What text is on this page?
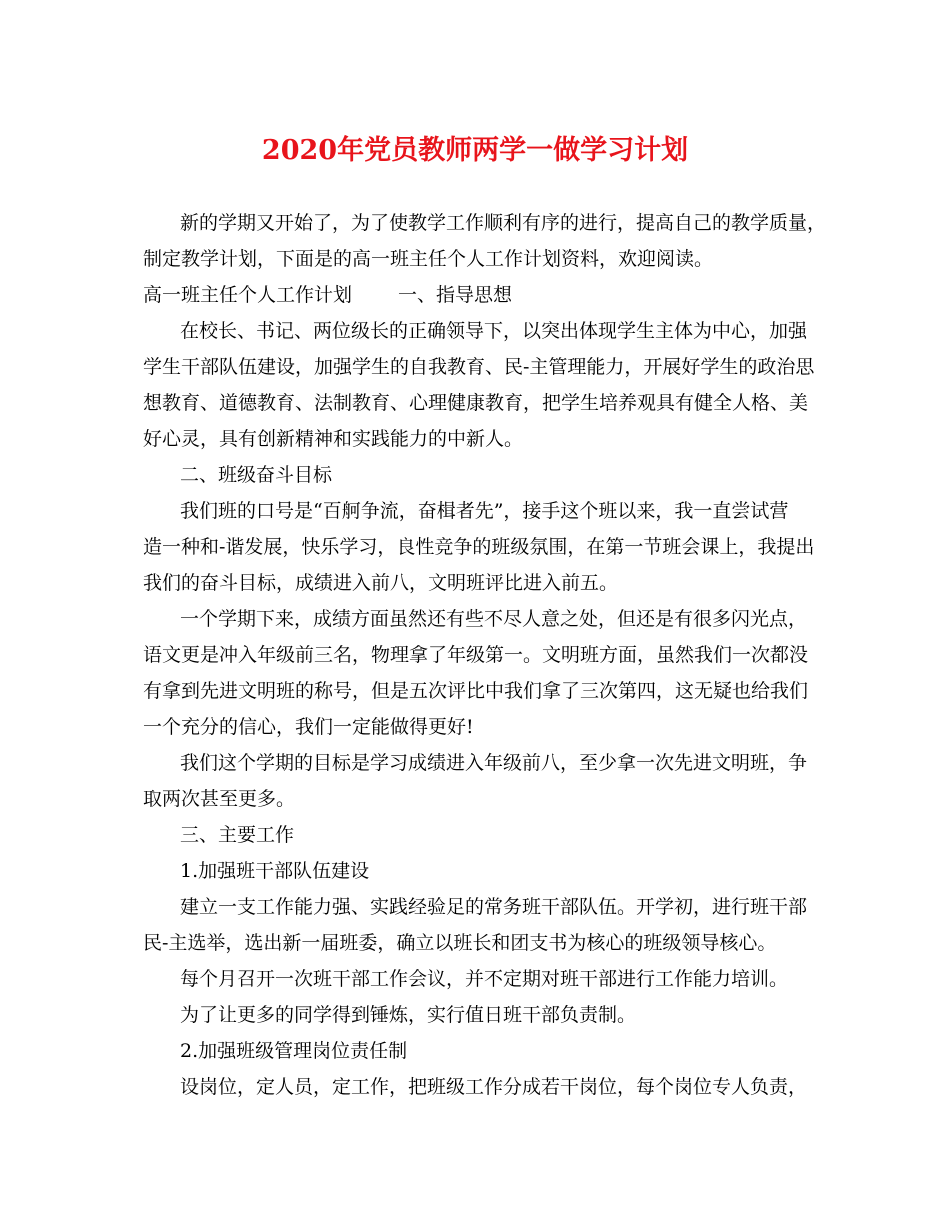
2020年党员教师两学一做学习计划
新的学期又开始了，为了使教学工作顺利有序的进行，提高自己的教学质量，
制定教学计划，下面是的高一班主任个人工作计划资料，欢迎阅读。
高一班主任个人工作计划 一、指导思想
在校长、书记、两位级长的正确领导下，以突出体现学生主体为中心，加强
学生干部队伍建设，加强学生的自我教育、民-主管理能力，开展好学生的政治思
想教育、道德教育、法制教育、心理健康教育，把学生培养观具有健全人格、美
好心灵，具有创新精神和实践能力的中新人。
二、班级奋斗目标
我们班的口号是“百舸争流，奋楫者先”，接手这个班以来，我一直尝试营
造一种和-谐发展，快乐学习，良性竞争的班级氛围，在第一节班会课上，我提出
我们的奋斗目标，成绩进入前八，文明班评比进入前五。
一个学期下来，成绩方面虽然还有些不尽人意之处，但还是有很多闪光点，
语文更是冲入年级前三名，物理拿了年级第一。文明班方面，虽然我们一次都没
有拿到先进文明班的称号，但是五次评比中我们拿了三次第四，这无疑也给我们
一个充分的信心，我们一定能做得更好!
我们这个学期的目标是学习成绩进入年级前八，至少拿一次先进文明班，争
取两次甚至更多。
三、主要工作
1.加强班干部队伍建设
建立一支工作能力强、实践经验足的常务班干部队伍。开学初，进行班干部
民-主选举，选出新一届班委，确立以班长和团支书为核心的班级领导核心。
每个月召开一次班干部工作会议，并不定期对班干部进行工作能力培训。
为了让更多的同学得到锤炼，实行值日班干部负责制。
2.加强班级管理岗位责任制
设岗位，定人员，定工作，把班级工作分成若干岗位，每个岗位专人负责，
